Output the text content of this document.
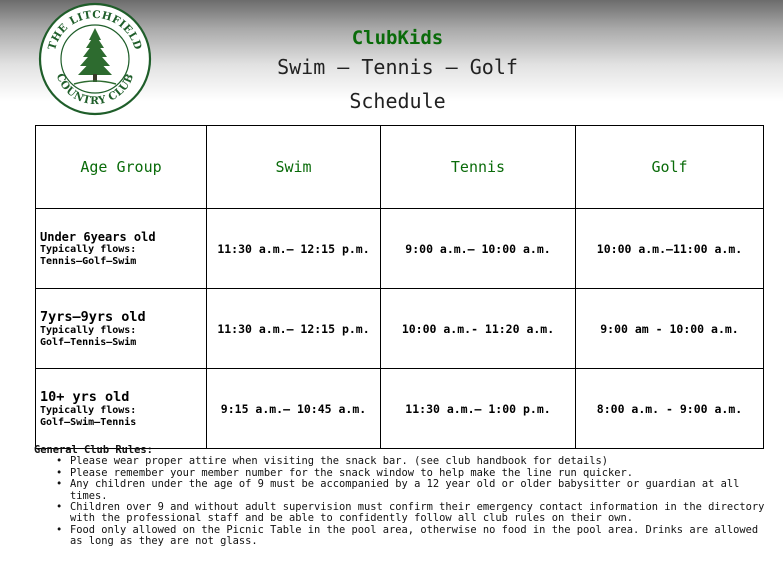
THE LITCHFIELD
COUNTRY CLUB
ClubKids
Swim – Tennis – Golf
Schedule
Age Group	Swim	Tennis	Golf

Under 6years old
Typically flows:
Tennis–Golf–Swim	11:30 a.m.– 12:15 p.m.	9:00 a.m.– 10:00 a.m.	10:00 a.m.–11:00 a.m.

7yrs–9yrs old
Typically flows:
Golf–Tennis–Swim	11:30 a.m.– 12:15 p.m.	10:00 a.m.- 11:20 a.m.	9:00 am - 10:00 a.m.

10+ yrs old
Typically flows:
Golf–Swim–Tennis	9:15 a.m.– 10:45 a.m.	11:30 a.m.– 1:00 p.m.	8:00 a.m. - 9:00 a.m.
General Club Rules:
• Please wear proper attire when visiting the snack bar. (see club handbook for details)
• Please remember your member number for the snack window to help make the line run quicker.
• Any children under the age of 9 must be accompanied by a 12 year old or older babysitter or guardian at all times.
• Children over 9 and without adult supervision must confirm their emergency contact information in the directory with the professional staff and be able to confidently follow all club rules on their own.
• Food only allowed on the Picnic Table in the pool area, otherwise no food in the pool area. Drinks are allowed as long as they are not glass.
